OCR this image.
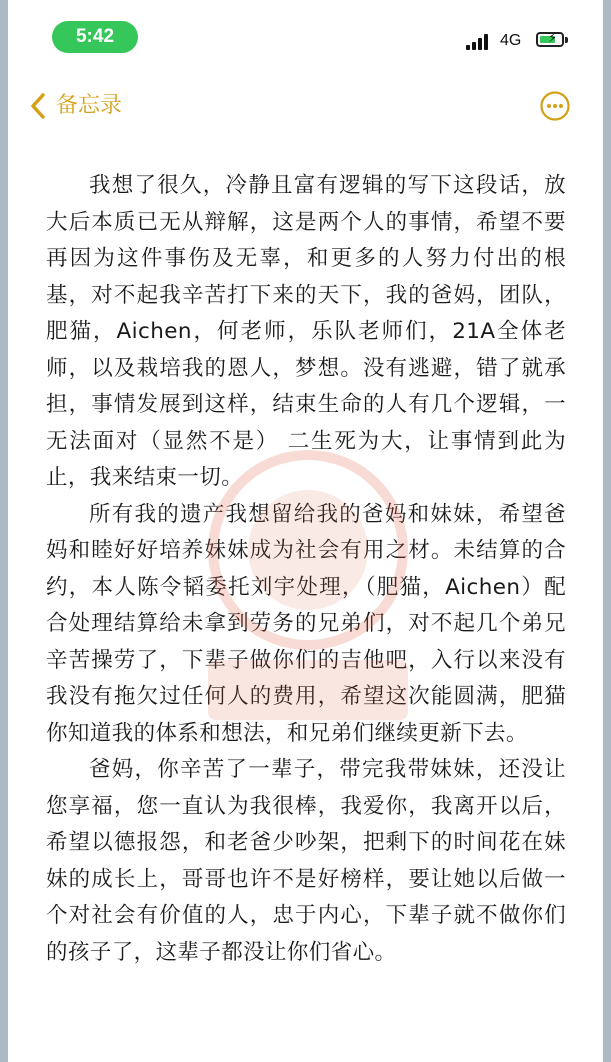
5:42	4G ⚡
备忘录

我想了很久，冷静且富有逻辑的写下这段话，放大后本质已无从辩解，这是两个人的事情，希望不要再因为这件事伤及无辜，和更多的人努力付出的根基，对不起我辛苦打下来的天下，我的爸妈，团队，肥猫，Aichen，何老师，乐队老师们，21A全体老师，以及栽培我的恩人，梦想。没有逃避，错了就承担，事情发展到这样，结束生命的人有几个逻辑，一无法面对（显然不是） 二生死为大，让事情到此为止，我来结束一切。

所有我的遗产我想留给我的爸妈和妹妹，希望爸妈和睦好好培养妹妹成为社会有用之材。未结算的合约，本人陈令韬委托刘宇处理，（肥猫，Aichen）配合处理结算给未拿到劳务的兄弟们，对不起几个弟兄辛苦操劳了，下辈子做你们的吉他吧，入行以来没有我没有拖欠过任何人的费用，希望这次能圆满，肥猫你知道我的体系和想法，和兄弟们继续更新下去。

爸妈，你辛苦了一辈子，带完我带妹妹，还没让您享福，您一直认为我很棒，我爱你，我离开以后，希望以德报怨，和老爸少吵架，把剩下的时间花在妹妹的成长上，哥哥也许不是好榜样，要让她以后做一个对社会有价值的人，忠于内心，下辈子就不做你们的孩子了，这辈子都没让你们省心。
